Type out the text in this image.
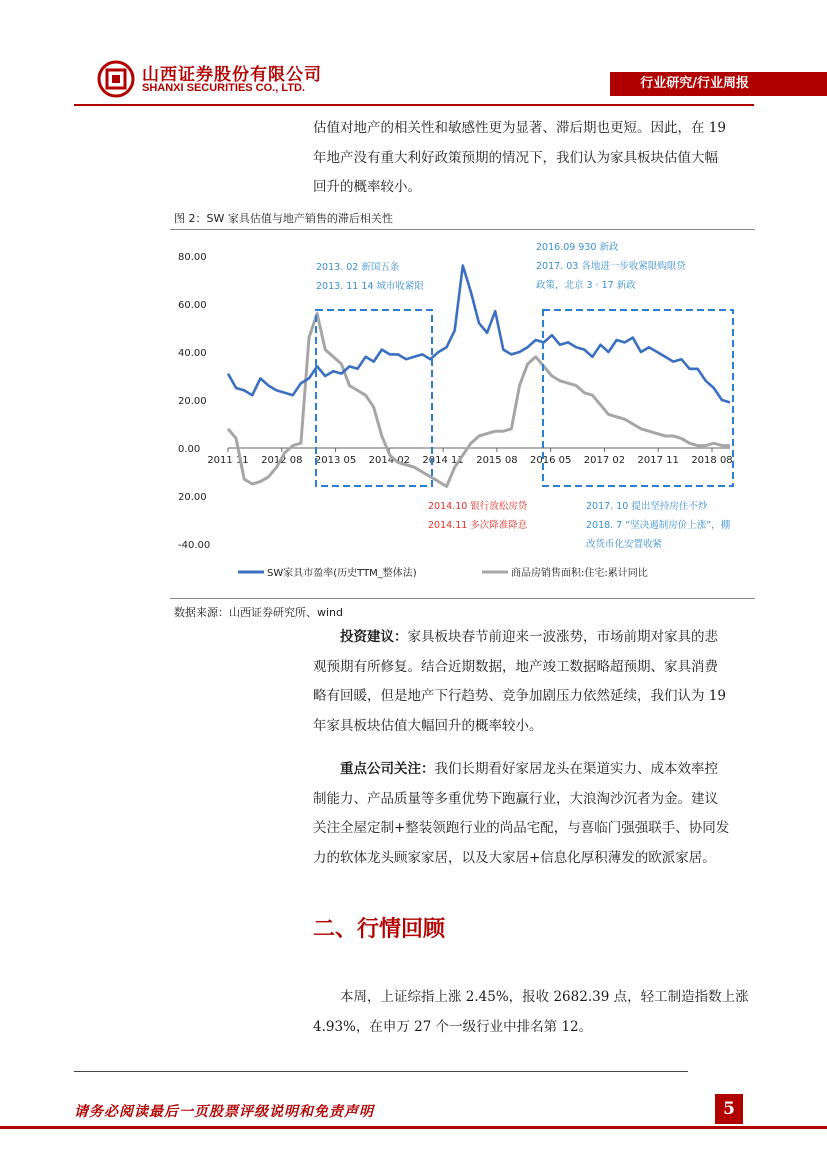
山西证券股份有限公司
SHANXI SECURITIES CO., LTD.	行业研究/行业周报
估值对地产的相关性和敏感性更为显著、滞后期也更短。因此，在 19
年地产没有重大利好政策预期的情况下，我们认为家具板块估值大幅
回升的概率较小。
图 2：SW 家具估值与地产销售的滞后相关性
80.00
60.00
40.00
20.00
0.00
20.00
-40.00
2011 11 2012 08 2013 05 2014 02 2014 11 2015 08 2016 05 2017 02 2017 11 2018 08
2013. 02 新国五条
2013. 11 14 城市收紧限
2016.09 930 新政
2017. 03 各地进一步收紧限购限贷
政策，北京 3 · 17 新政
2014.10 银行放松房贷
2014.11 多次降准降息
2017. 10 提出坚持房住不炒
2018. 7 “坚决遏制房价上涨”，棚
改货币化安置收紧
SW家具市盈率(历史TTM_整体法)	商品房销售面积:住宅:累计同比
数据来源：山西证券研究所、wind
投资建议：家具板块春节前迎来一波涨势，市场前期对家具的悲
观预期有所修复。结合近期数据，地产竣工数据略超预期、家具消费
略有回暖，但是地产下行趋势、竞争加剧压力依然延续，我们认为 19
年家具板块估值大幅回升的概率较小。
重点公司关注：我们长期看好家居龙头在渠道实力、成本效率控
制能力、产品质量等多重优势下跑赢行业，大浪淘沙沉者为金。建议
关注全屋定制+整装领跑行业的尚品宅配，与喜临门强强联手、协同发
力的软体龙头顾家家居，以及大家居+信息化厚积薄发的欧派家居。
二、行情回顾
本周，上证综指上涨 2.45%，报收 2682.39 点，轻工制造指数上涨
4.93%，在申万 27 个一级行业中排名第 12。
请务必阅读最后一页股票评级说明和免责声明	5
